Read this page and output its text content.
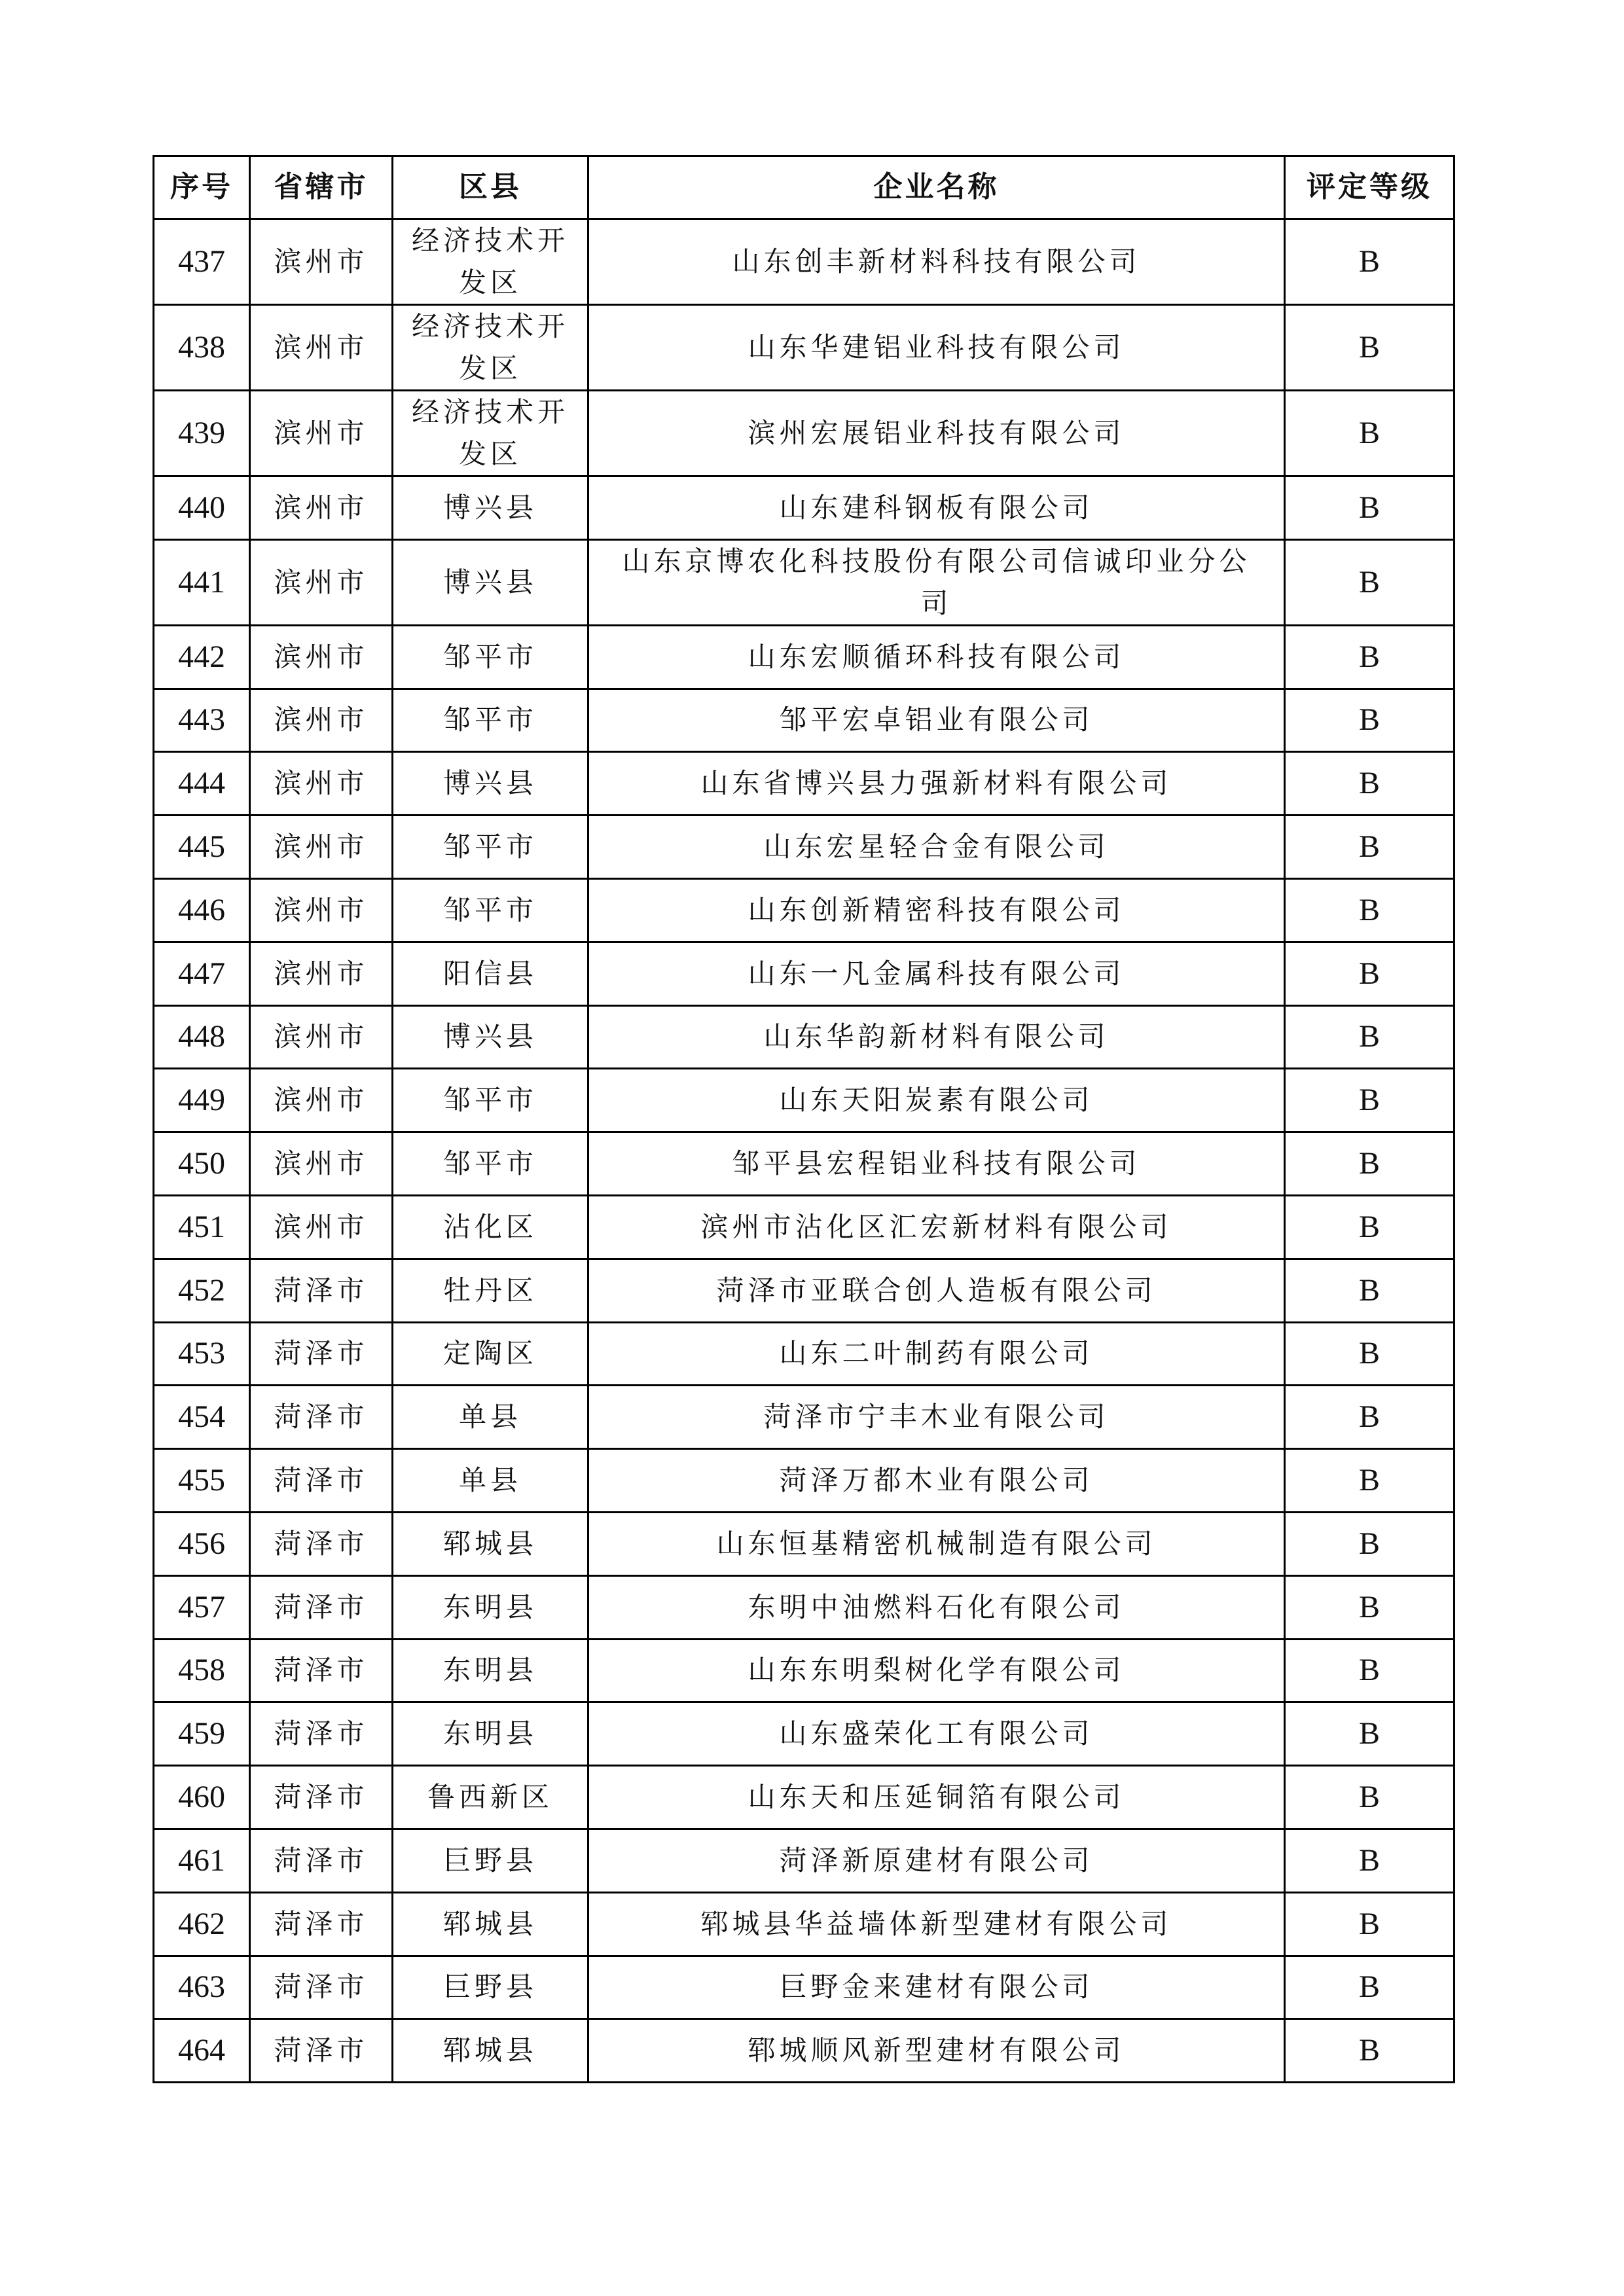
序号	省辖市	区县	企业名称	评定等级
437	滨州市	经济技术开发区	山东创丰新材料科技有限公司	B
438	滨州市	经济技术开发区	山东华建铝业科技有限公司	B
439	滨州市	经济技术开发区	滨州宏展铝业科技有限公司	B
440	滨州市	博兴县	山东建科钢板有限公司	B
441	滨州市	博兴县	山东京博农化科技股份有限公司信诚印业分公司	B
442	滨州市	邹平市	山东宏顺循环科技有限公司	B
443	滨州市	邹平市	邹平宏卓铝业有限公司	B
444	滨州市	博兴县	山东省博兴县力强新材料有限公司	B
445	滨州市	邹平市	山东宏星轻合金有限公司	B
446	滨州市	邹平市	山东创新精密科技有限公司	B
447	滨州市	阳信县	山东一凡金属科技有限公司	B
448	滨州市	博兴县	山东华韵新材料有限公司	B
449	滨州市	邹平市	山东天阳炭素有限公司	B
450	滨州市	邹平市	邹平县宏程铝业科技有限公司	B
451	滨州市	沾化区	滨州市沾化区汇宏新材料有限公司	B
452	菏泽市	牡丹区	菏泽市亚联合创人造板有限公司	B
453	菏泽市	定陶区	山东二叶制药有限公司	B
454	菏泽市	单县	菏泽市宁丰木业有限公司	B
455	菏泽市	单县	菏泽万都木业有限公司	B
456	菏泽市	郓城县	山东恒基精密机械制造有限公司	B
457	菏泽市	东明县	东明中油燃料石化有限公司	B
458	菏泽市	东明县	山东东明梨树化学有限公司	B
459	菏泽市	东明县	山东盛荣化工有限公司	B
460	菏泽市	鲁西新区	山东天和压延铜箔有限公司	B
461	菏泽市	巨野县	菏泽新原建材有限公司	B
462	菏泽市	郓城县	郓城县华益墙体新型建材有限公司	B
463	菏泽市	巨野县	巨野金来建材有限公司	B
464	菏泽市	郓城县	郓城顺风新型建材有限公司	B
